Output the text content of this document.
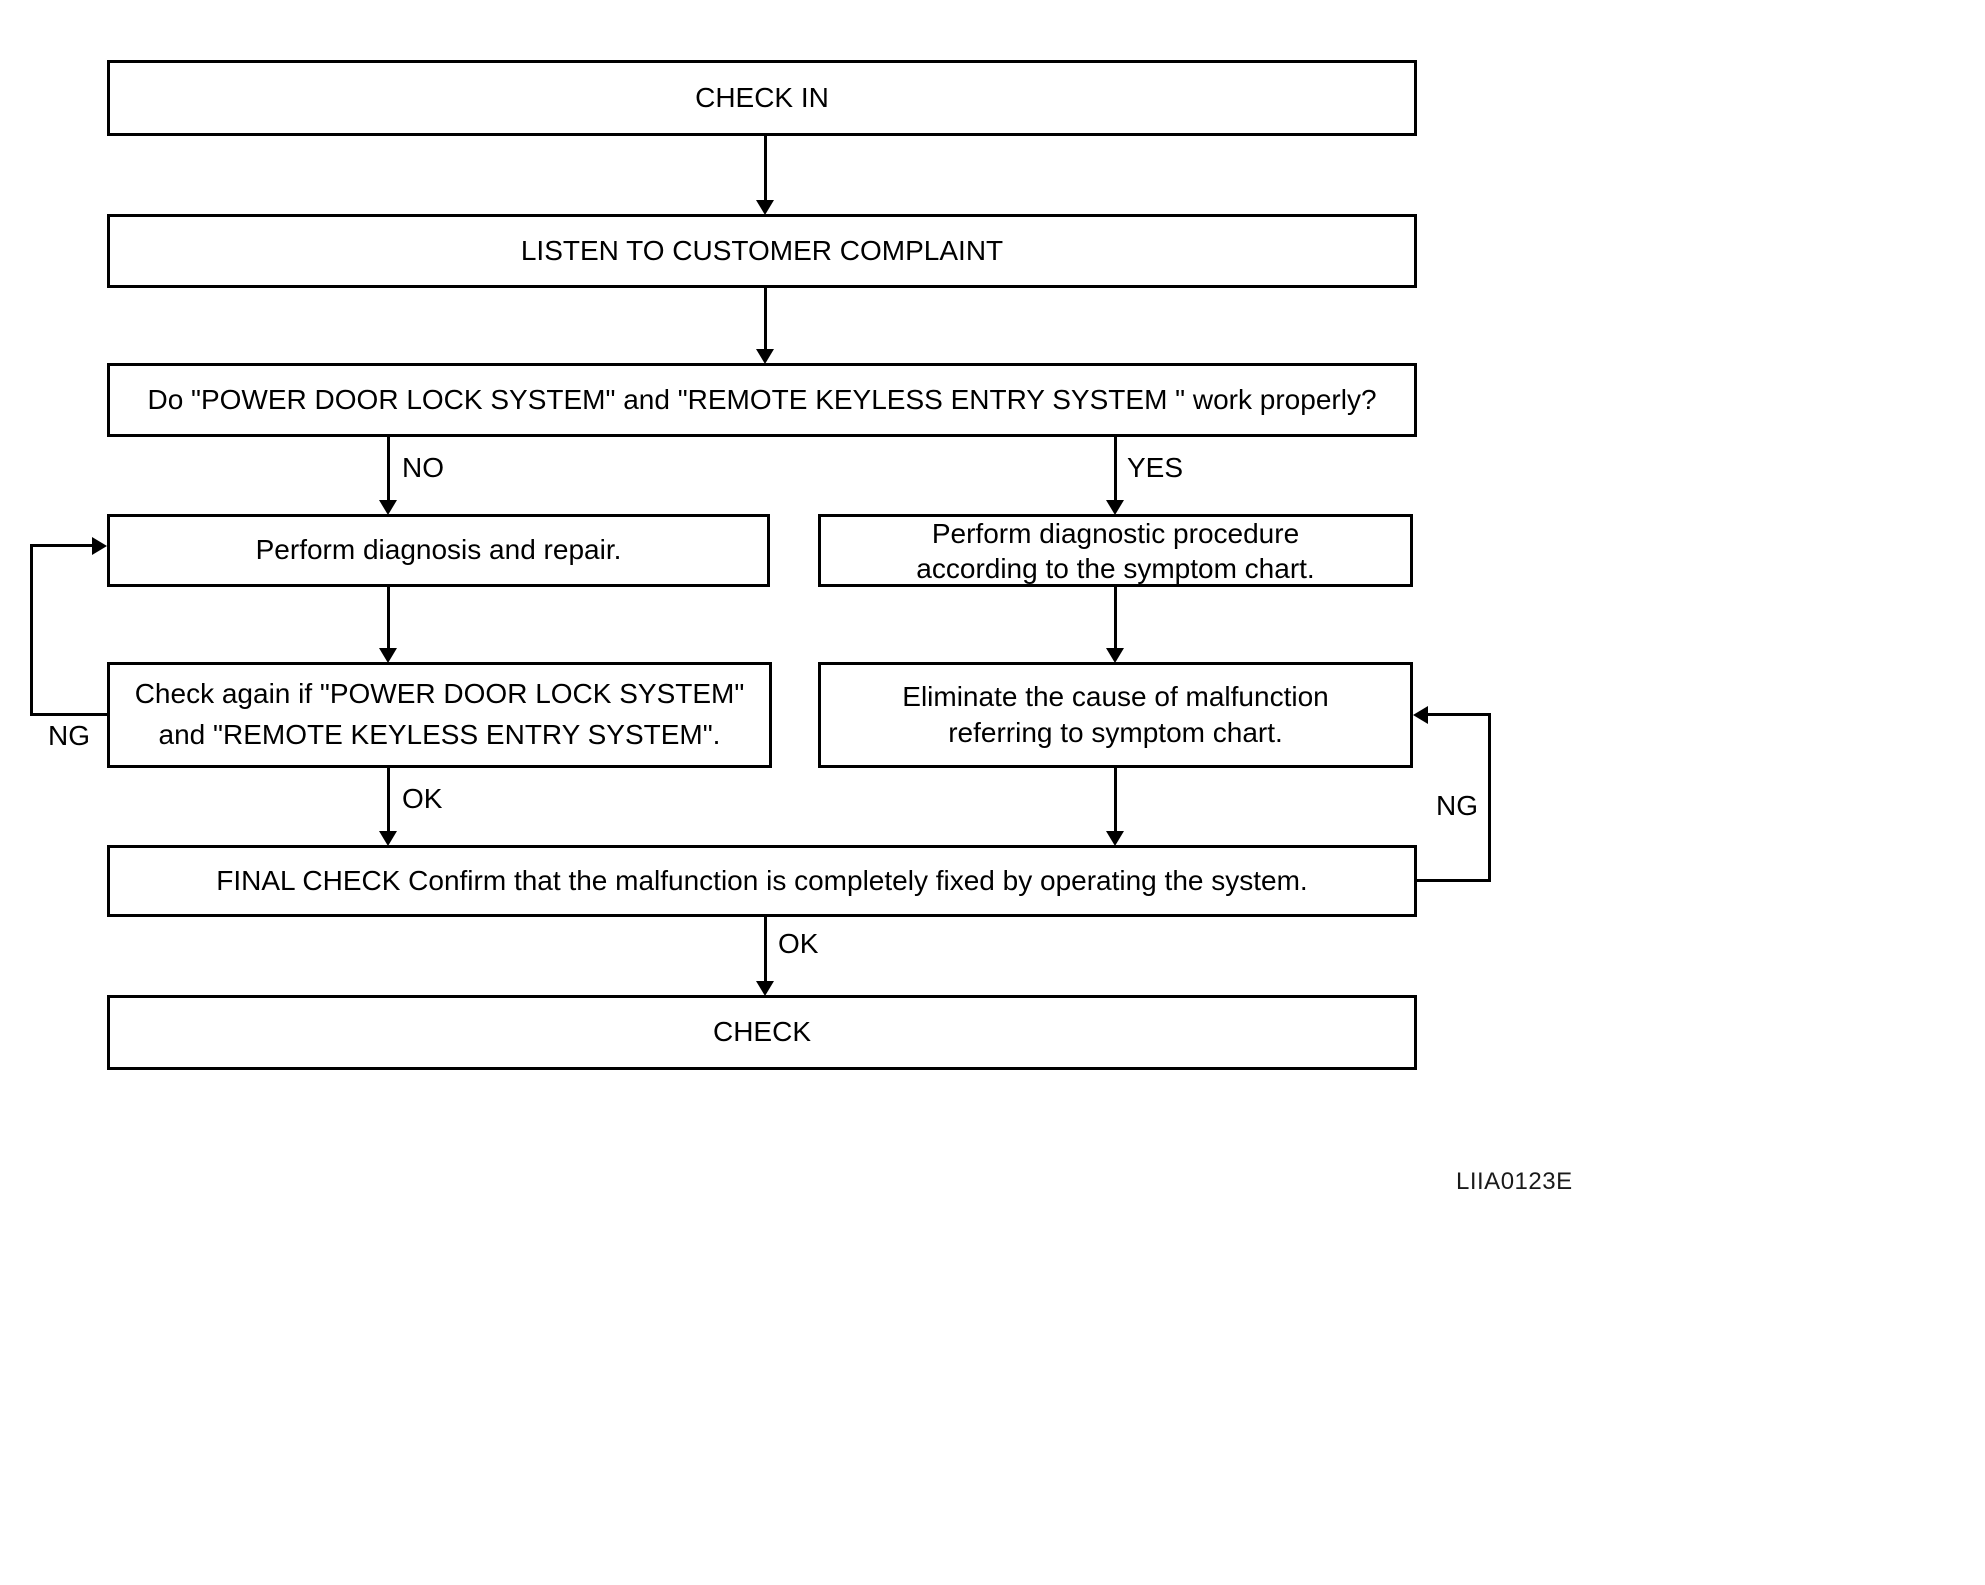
CHECK IN
LISTEN TO CUSTOMER COMPLAINT
Do "POWER DOOR LOCK SYSTEM" and "REMOTE KEYLESS ENTRY SYSTEM " work properly?
Perform diagnosis and repair.
Perform diagnostic procedure
according to the symptom chart.
Check again if "POWER DOOR LOCK SYSTEM"
and "REMOTE KEYLESS ENTRY SYSTEM".
Eliminate the cause of malfunction
referring to symptom chart.
FINAL CHECK Confirm that the malfunction is completely fixed by operating the system.
CHECK
NO	YES
OK
OK
NG
NG
LIIA0123E
